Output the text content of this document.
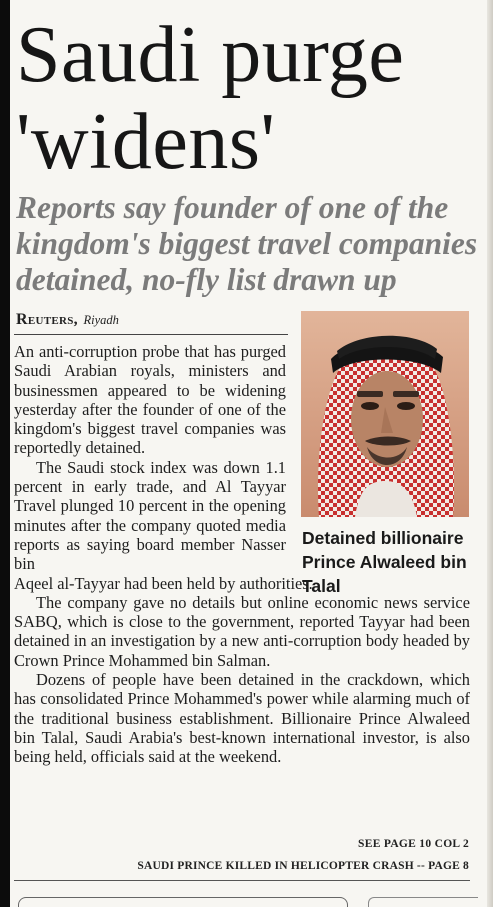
Saudi purge
'widens'
Reports say founder of one of the
kingdom's biggest travel companies
detained, no-fly list drawn up
Reuters, Riyadh

An anti-corruption probe that has purged Saudi Arabian royals, ministers and businessmen appeared to be widening yesterday after the founder of one of the kingdom's biggest travel companies was reportedly detained.

The Saudi stock index was down 1.1 percent in early trade, and Al Tayyar Travel plunged 10 percent in the opening minutes after the company quoted media reports as saying board member Nasser bin

Aqeel al-Tayyar had been held by authorities.

The company gave no details but online economic news service SABQ, which is close to the government, reported Tayyar had been detained in an investigation by a new anti-corruption body headed by Crown Prince Mohammed bin Salman.

Dozens of people have been detained in the crackdown, which has consolidated Prince Mohammed's power while alarming much of the traditional business establishment. Billionaire Prince Alwaleed bin Talal, Saudi Arabia's best-known international investor, is also being held, officials said at the weekend.

Detained billionaire Prince Alwaleed bin Talal
SEE PAGE 10 COL 2
SAUDI PRINCE KILLED IN HELICOPTER CRASH -- PAGE 8
